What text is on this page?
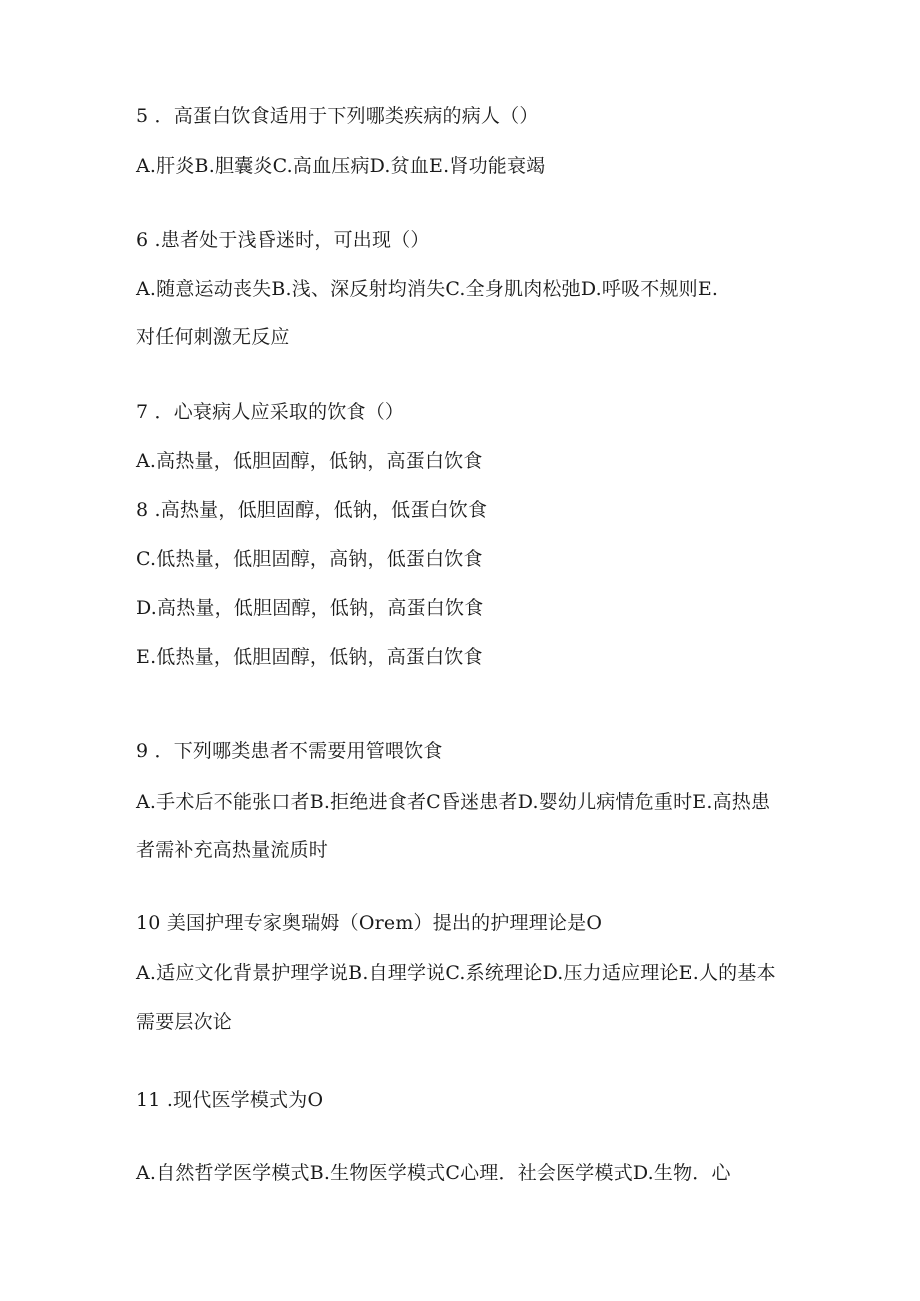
5 ．高蛋白饮食适用于下列哪类疾病的病人（）
A.肝炎B.胆囊炎C.高血压病D.贫血E.肾功能衰竭
6 .患者处于浅昏迷时，可出现（）
A.随意运动丧失B.浅、深反射均消失C.全身肌肉松弛D.呼吸不规则E.
对任何刺激无反应
7 ．心衰病人应采取的饮食（）
A.高热量，低胆固醇，低钠，高蛋白饮食
8 .高热量，低胆固醇，低钠，低蛋白饮食
C.低热量，低胆固醇，高钠，低蛋白饮食
D.高热量，低胆固醇，低钠，高蛋白饮食
E.低热量，低胆固醇，低钠，高蛋白饮食
9 ．下列哪类患者不需要用管喂饮食
A.手术后不能张口者B.拒绝进食者C昏迷患者D.婴幼儿病情危重时E.高热患
者需补充高热量流质时
10 美国护理专家奥瑞姆（Orem）提出的护理理论是O
A.适应文化背景护理学说B.自理学说C.系统理论D.压力适应理论E.人的基本
需要层次论
11 .现代医学模式为O
A.自然哲学医学模式B.生物医学模式C心理．社会医学模式D.生物．心
